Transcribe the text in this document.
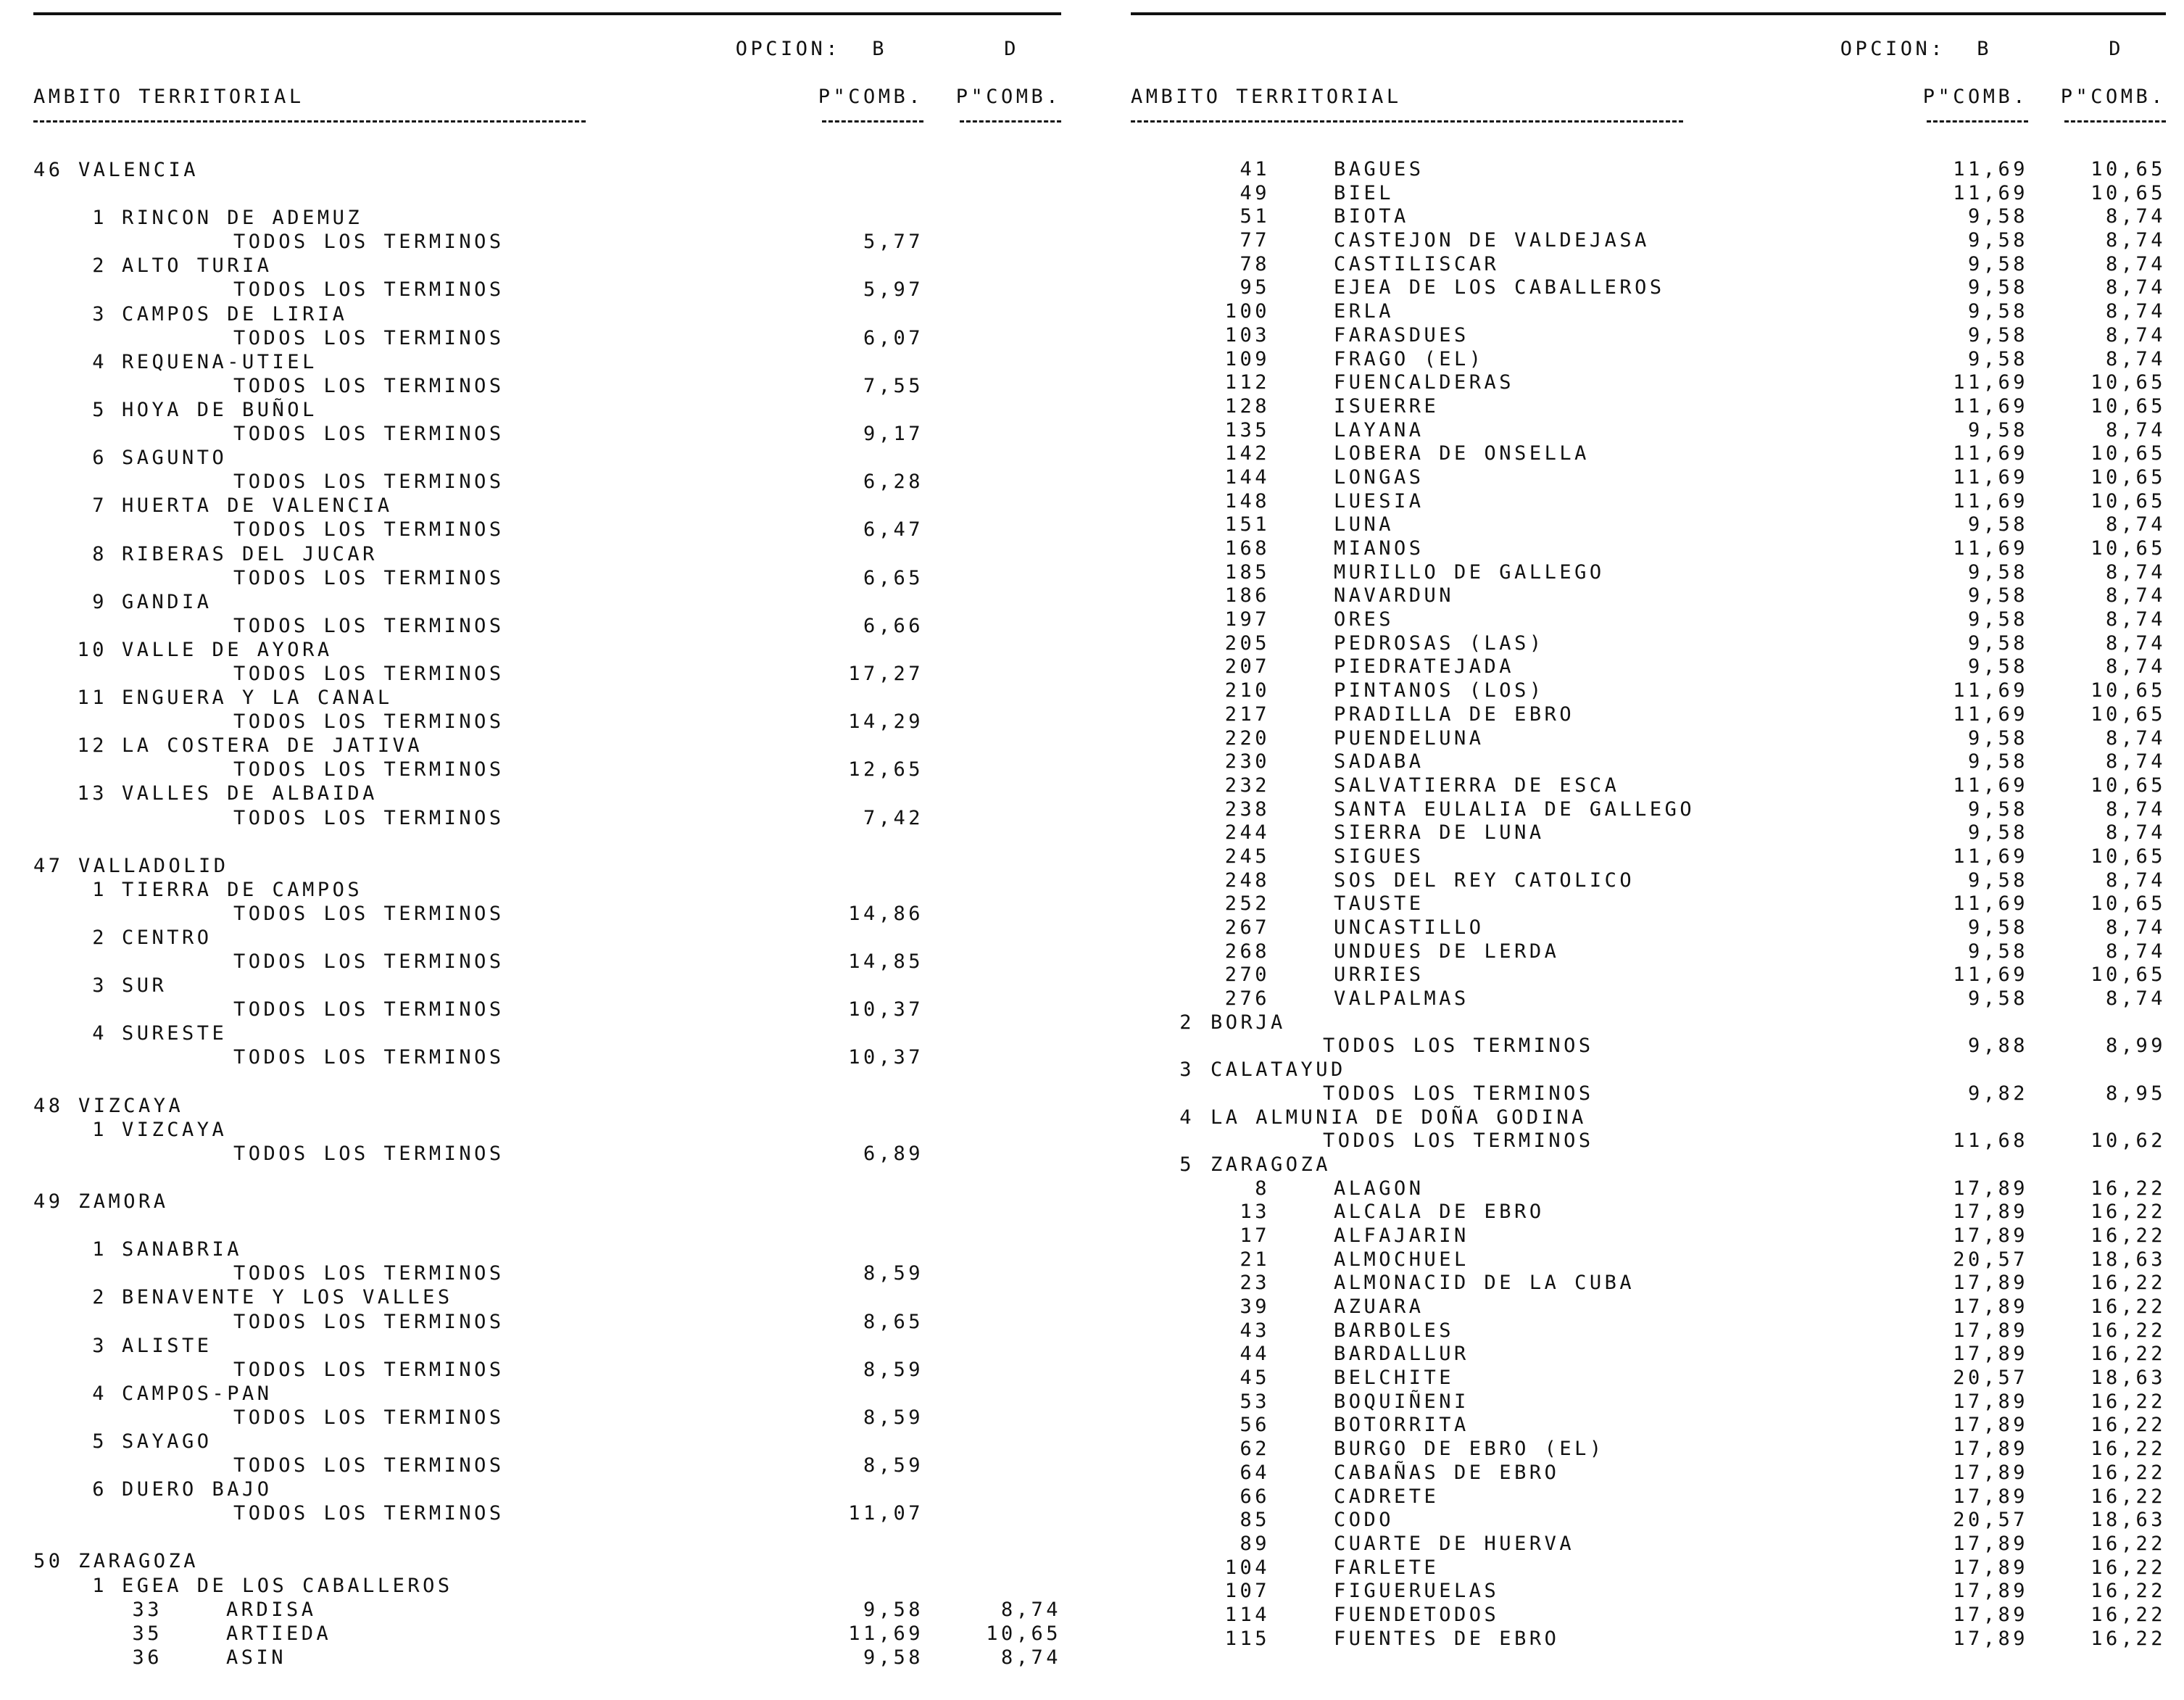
OPCION: B	D
AMBITO TERRITORIAL	P"COMB. P"COMB.
46 VALENCIA
1 RINCON DE ADEMUZ
TODOS LOS TERMINOS	5,77
2 ALTO TURIA
TODOS LOS TERMINOS	5,97
3 CAMPOS DE LIRIA
TODOS LOS TERMINOS	6,07
4 REQUENA-UTIEL
TODOS LOS TERMINOS	7,55
5 HOYA DE BUÑOL
TODOS LOS TERMINOS	9,17
6 SAGUNTO
TODOS LOS TERMINOS	6,28
7 HUERTA DE VALENCIA
TODOS LOS TERMINOS	6,47
8 RIBERAS DEL JUCAR
TODOS LOS TERMINOS	6,65
9 GANDIA
TODOS LOS TERMINOS	6,66
10 VALLE DE AYORA
TODOS LOS TERMINOS	17,27
11 ENGUERA Y LA CANAL
TODOS LOS TERMINOS	14,29
12 LA COSTERA DE JATIVA
TODOS LOS TERMINOS	12,65
13 VALLES DE ALBAIDA
TODOS LOS TERMINOS	7,42
47 VALLADOLID
1 TIERRA DE CAMPOS
TODOS LOS TERMINOS	14,86
2 CENTRO
TODOS LOS TERMINOS	14,85
3 SUR
TODOS LOS TERMINOS	10,37
4 SURESTE
TODOS LOS TERMINOS	10,37
48 VIZCAYA
1 VIZCAYA
TODOS LOS TERMINOS	6,89
49 ZAMORA
1 SANABRIA
TODOS LOS TERMINOS	8,59
2 BENAVENTE Y LOS VALLES
TODOS LOS TERMINOS	8,65
3 ALISTE
TODOS LOS TERMINOS	8,59
4 CAMPOS-PAN
TODOS LOS TERMINOS	8,59
5 SAYAGO
TODOS LOS TERMINOS	8,59
6 DUERO BAJO
TODOS LOS TERMINOS	11,07
50 ZARAGOZA
1 EGEA DE LOS CABALLEROS
33	ARDISA	9,58	8,74
35	ARTIEDA	11,69	10,65
36	ASIN	9,58	8,74
OPCION: B	D
AMBITO TERRITORIAL	P"COMB. P"COMB.
41	BAGUES	11,69	10,65
49	BIEL	11,69	10,65
51	BIOTA	9,58	8,74
77	CASTEJON DE VALDEJASA	9,58	8,74
78	CASTILISCAR	9,58	8,74
95	EJEA DE LOS CABALLEROS	9,58	8,74
100	ERLA	9,58	8,74
103	FARASDUES	9,58	8,74
109	FRAGO (EL)	9,58	8,74
112	FUENCALDERAS	11,69	10,65
128	ISUERRE	11,69	10,65
135	LAYANA	9,58	8,74
142	LOBERA DE ONSELLA	11,69	10,65
144	LONGAS	11,69	10,65
148	LUESIA	11,69	10,65
151	LUNA	9,58	8,74
168	MIANOS	11,69	10,65
185	MURILLO DE GALLEGO	9,58	8,74
186	NAVARDUN	9,58	8,74
197	ORES	9,58	8,74
205	PEDROSAS (LAS)	9,58	8,74
207	PIEDRATEJADA	9,58	8,74
210	PINTANOS (LOS)	11,69	10,65
217	PRADILLA DE EBRO	11,69	10,65
220	PUENDELUNA	9,58	8,74
230	SADABA	9,58	8,74
232	SALVATIERRA DE ESCA	11,69	10,65
238	SANTA EULALIA DE GALLEGO	9,58	8,74
244	SIERRA DE LUNA	9,58	8,74
245	SIGUES	11,69	10,65
248	SOS DEL REY CATOLICO	9,58	8,74
252	TAUSTE	11,69	10,65
267	UNCASTILLO	9,58	8,74
268	UNDUES DE LERDA	9,58	8,74
270	URRIES	11,69	10,65
276	VALPALMAS	9,58	8,74
2 BORJA
TODOS LOS TERMINOS	9,88	8,99
3 CALATAYUD
TODOS LOS TERMINOS	9,82	8,95
4 LA ALMUNIA DE DOÑA GODINA
TODOS LOS TERMINOS	11,68	10,62
5 ZARAGOZA
8	ALAGON	17,89	16,22
13	ALCALA DE EBRO	17,89	16,22
17	ALFAJARIN	17,89	16,22
21	ALMOCHUEL	20,57	18,63
23	ALMONACID DE LA CUBA	17,89	16,22
39	AZUARA	17,89	16,22
43	BARBOLES	17,89	16,22
44	BARDALLUR	17,89	16,22
45	BELCHITE	20,57	18,63
53	BOQUIÑENI	17,89	16,22
56	BOTORRITA	17,89	16,22
62	BURGO DE EBRO (EL)	17,89	16,22
64	CABAÑAS DE EBRO	17,89	16,22
66	CADRETE	17,89	16,22
85	CODO	20,57	18,63
89	CUARTE DE HUERVA	17,89	16,22
104	FARLETE	17,89	16,22
107	FIGUERUELAS	17,89	16,22
114	FUENDETODOS	17,89	16,22
115	FUENTES DE EBRO	17,89	16,22
